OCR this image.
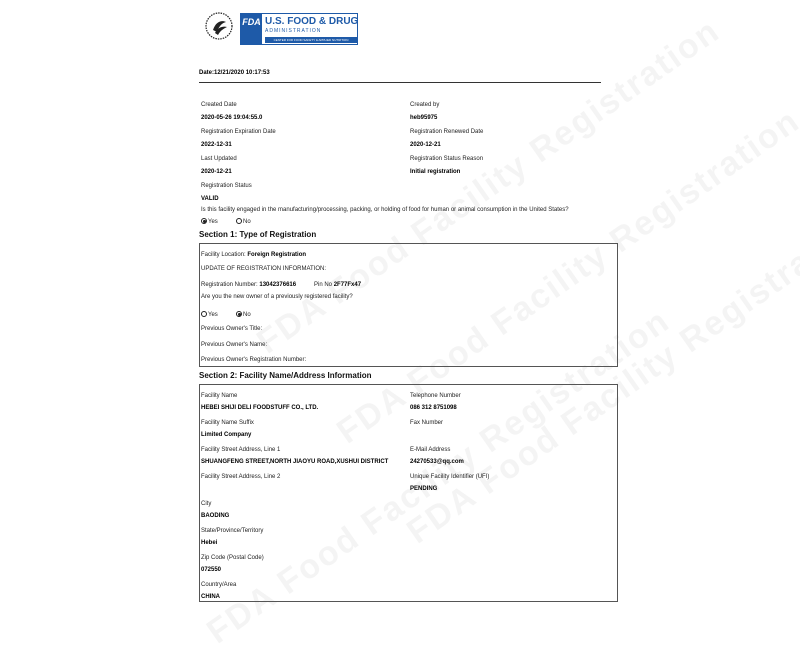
FDA U.S. FOOD & DRUG
ADMINISTRATION
CENTER FOR FOOD SAFETY & APPLIED NUTRITION
Date:12/21/2020 10:17:53
Created Date
2020-05-26 19:04:55.0
Created by
heb95975
Registration Expiration Date
2022-12-31
Registration Renewed Date
2020-12-21
Last Updated
2020-12-21
Registration Status Reason
Initial registration
Registration Status
VALID
Is this facility engaged in the manufacturing/processing, packing, or holding of food for human or animal consumption in the United States?
Yes	No
Section 1: Type of Registration
Facility Location: Foreign Registration
UPDATE OF REGISTRATION INFORMATION:
Registration Number: 13042376616	Pin No 2F77Fx47
Are you the new owner of a previously registered facility?
Yes	No
Previous Owner's Title:
Previous Owner's Name:
Previous Owner's Registration Number:
Section 2: Facility Name/Address Information
Facility Name
HEBEI SHIJI DELI FOODSTUFF CO., LTD.
Telephone Number
086 312 8751098
Facility Name Suffix
Limited Company
Fax Number
Facility Street Address, Line 1
SHUANGFENG STREET,NORTH JIAOYU ROAD,XUSHUI DISTRICT
E-Mail Address
24270533@qq.com
Facility Street Address, Line 2	Unique Facility Identifier (UFI)
PENDING
City
BAODING
State/Province/Territory
Hebei
Zip Code (Postal Code)
072550
Country/Area
CHINA
